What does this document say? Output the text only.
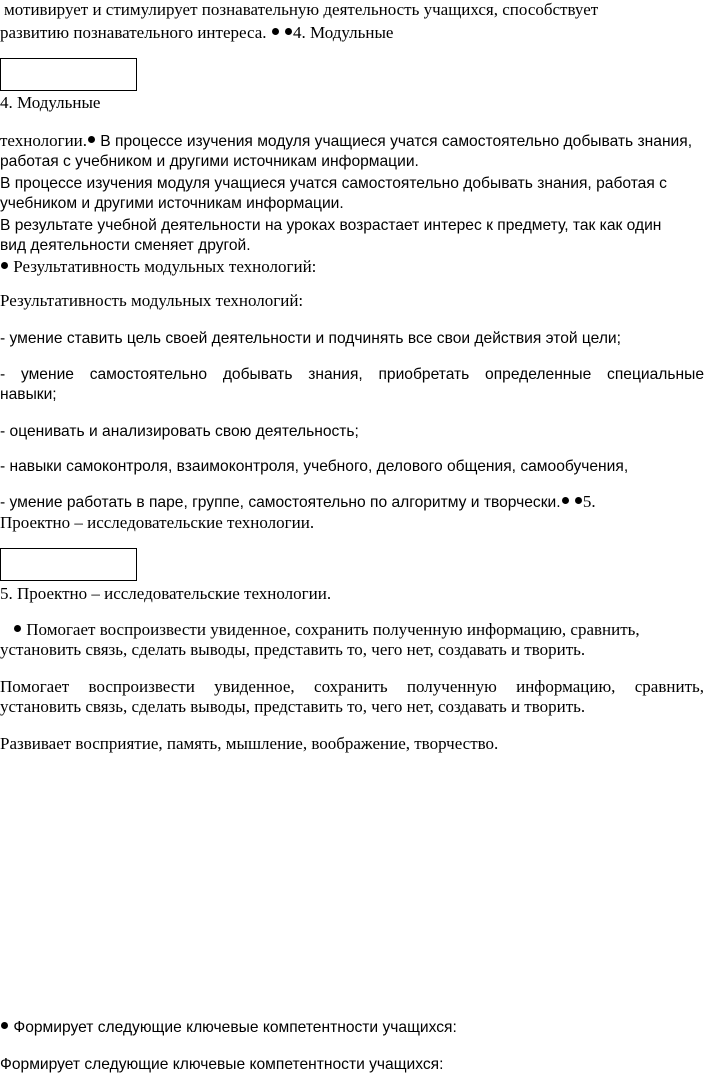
мотивирует и стимулирует познавательную деятельность учащихся, способствует
развитию познавательного интереса. 4. Модульные
4. Модульные
технологии. В процессе изучения модуля учащиеся учатся самостоятельно добывать знания,
работая с учебником и другими источникам информации.
В процессе изучения модуля учащиеся учатся самостоятельно добывать знания, работая с
учебником и другими источникам информации.
В результате учебной деятельности на уроках возрастает интерес к предмету, так как один
вид деятельности сменяет другой.
Результативность модульных технологий:
Результативность модульных технологий:
- умение ставить цель своей деятельности и подчинять все свои действия этой цели;
- умение самостоятельно добывать знания, приобретать определенные специальные
навыки;
- оценивать и анализировать свою деятельность;
- навыки самоконтроля, взаимоконтроля, учебного, делового общения, самообучения,
- умение работать в паре, группе, самостоятельно по алгоритму и творчески. 5.
Проектно – исследовательские технологии.
5. Проектно – исследовательские технологии.
Помогает воспроизвести увиденное, сохранить полученную информацию, сравнить,
установить связь, сделать выводы, представить то, чего нет, создавать и творить.
Помогает воспроизвести увиденное, сохранить полученную информацию, сравнить,
установить связь, сделать выводы, представить то, чего нет, создавать и творить.
Развивает восприятие, память, мышление, воображение, творчество.
Формирует следующие ключевые компетентности учащихся:
Формирует следующие ключевые компетентности учащихся:
